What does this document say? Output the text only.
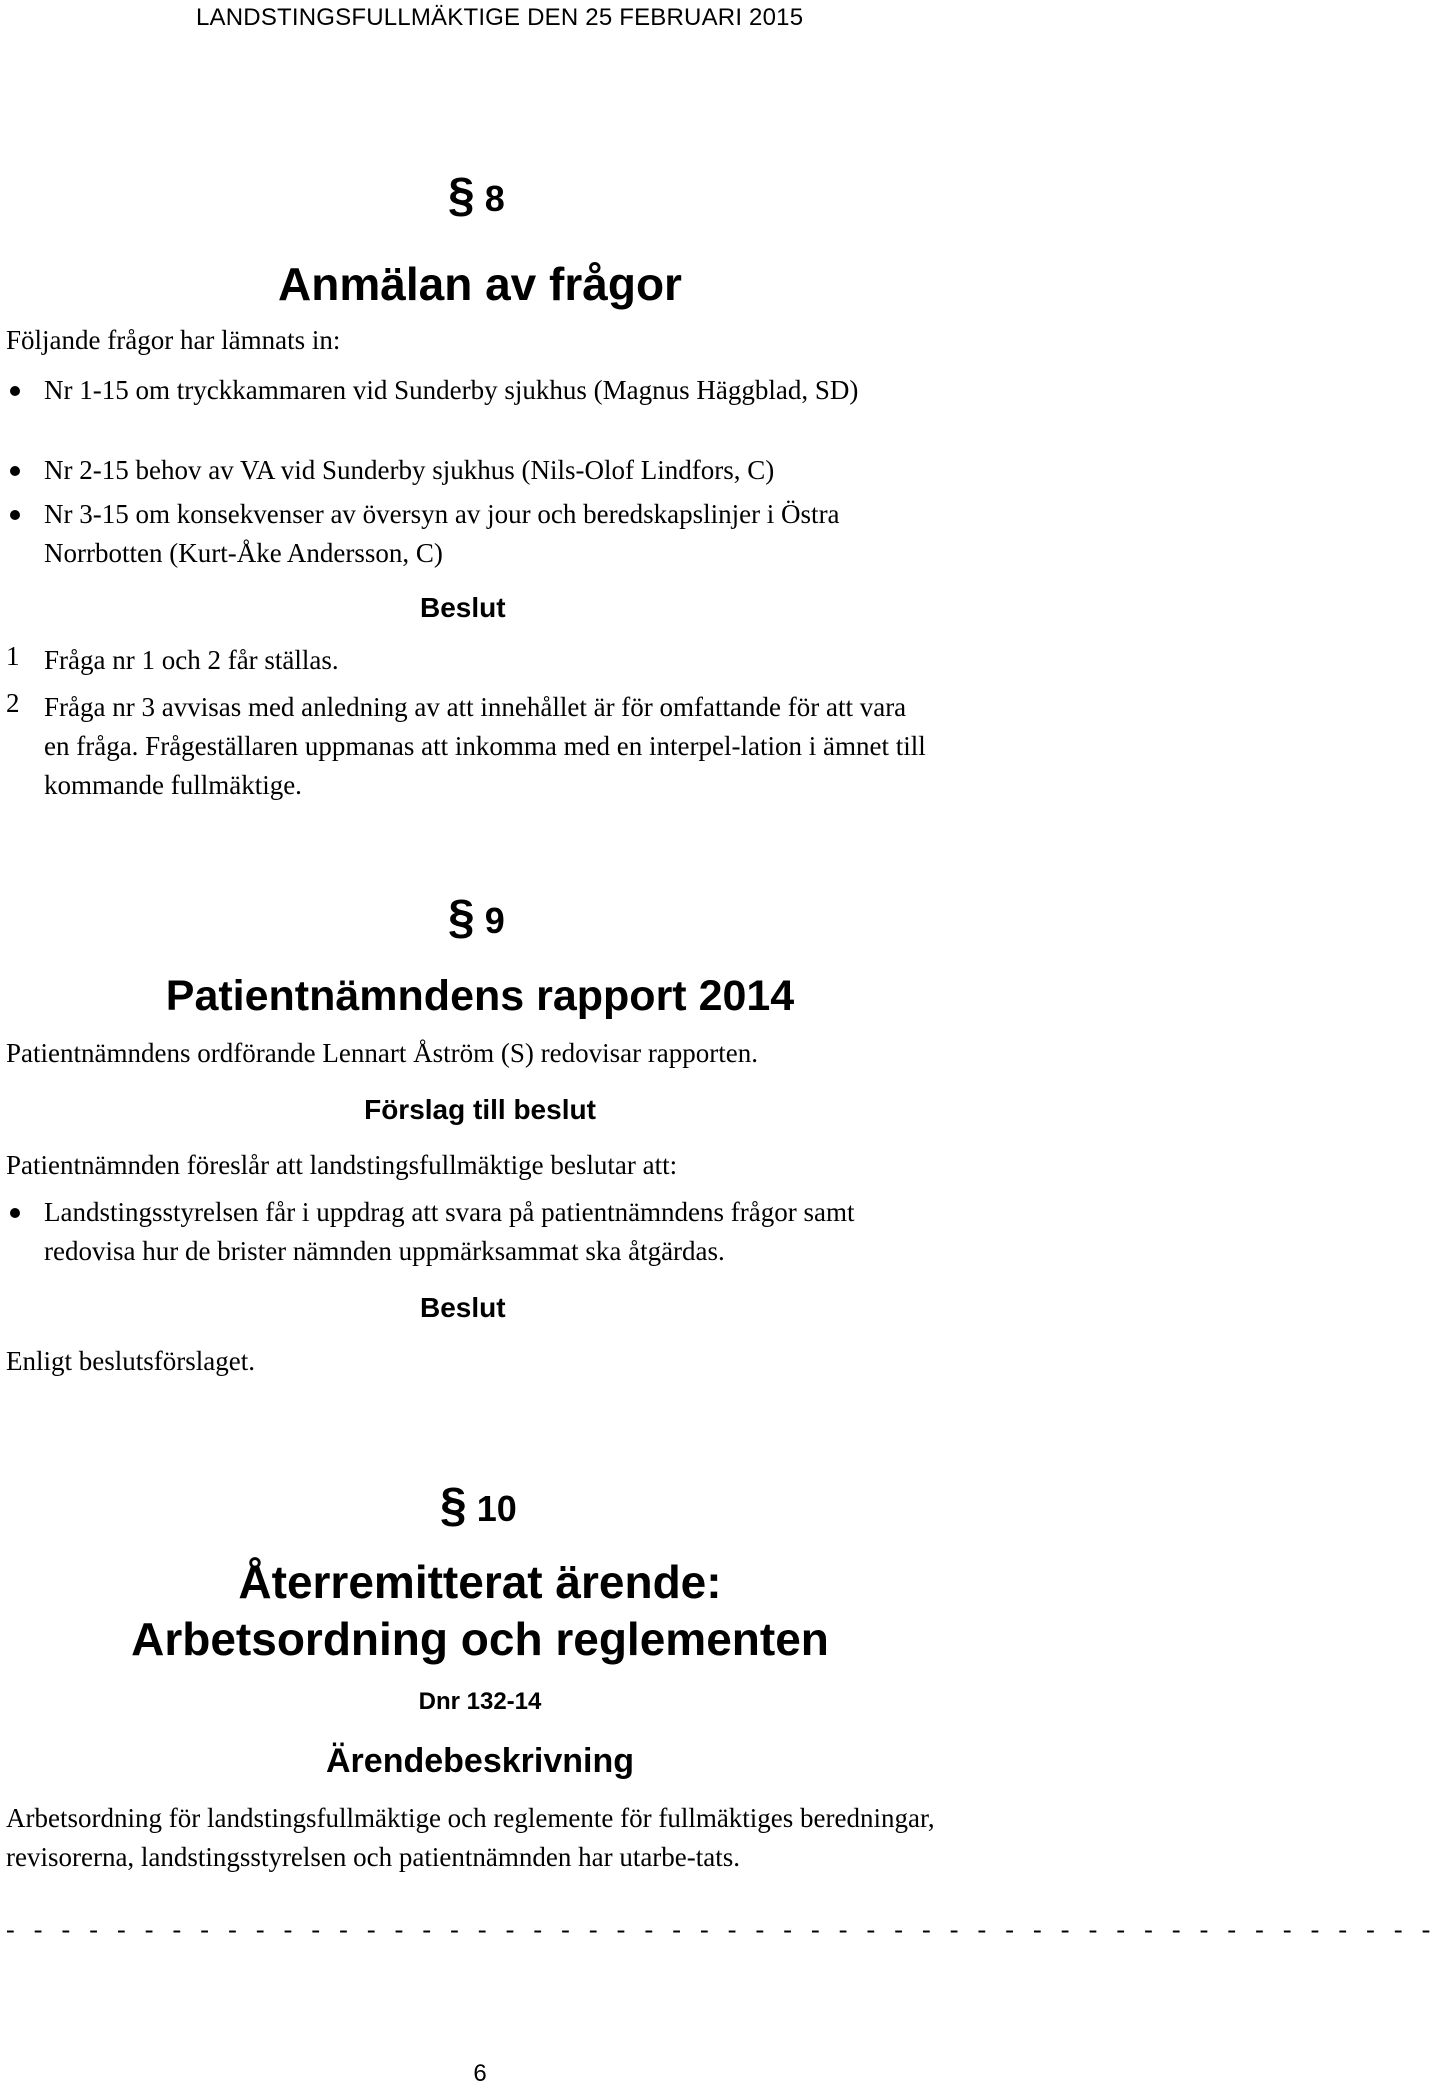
LANDSTINGSFULLMÄKTIGE DEN 25 FEBRUARI 2015
§ 8
Anmälan av frågor
Följande frågor har lämnats in:
Nr 1-15 om tryckkammaren vid Sunderby sjukhus (Magnus Häggblad, SD)
Nr 2-15 behov av VA vid Sunderby sjukhus (Nils-Olof Lindfors, C)
Nr 3-15 om konsekvenser av översyn av jour och beredskapslinjer i Östra Norrbotten (Kurt-Åke Andersson, C)
Beslut
1 Fråga nr 1 och 2 får ställas.
2 Fråga nr 3 avvisas med anledning av att innehållet är för omfattande för att vara en fråga. Frågeställaren uppmanas att inkomma med en interpel-lation i ämnet till kommande fullmäktige.
§ 9
Patientnämndens rapport 2014
Patientnämndens ordförande Lennart Åström (S) redovisar rapporten.
Förslag till beslut
Patientnämnden föreslår att landstingsfullmäktige beslutar att:
Landstingsstyrelsen får i uppdrag att svara på patientnämndens frågor samt redovisa hur de brister nämnden uppmärksammat ska åtgärdas.
Beslut
Enligt beslutsförslaget.
§ 10
Återremitterat ärende:
Arbetsordning och reglementen
Dnr 132-14
Ärendebeskrivning
Arbetsordning för landstingsfullmäktige och reglemente för fullmäktiges beredningar, revisorerna, landstingsstyrelsen och patientnämnden har utarbe-tats.
- - - - - - - - - - - - - - - - - - - - - - - - - - - - - - - - - - - - - - - - - - - - - - - - - - - -
6
